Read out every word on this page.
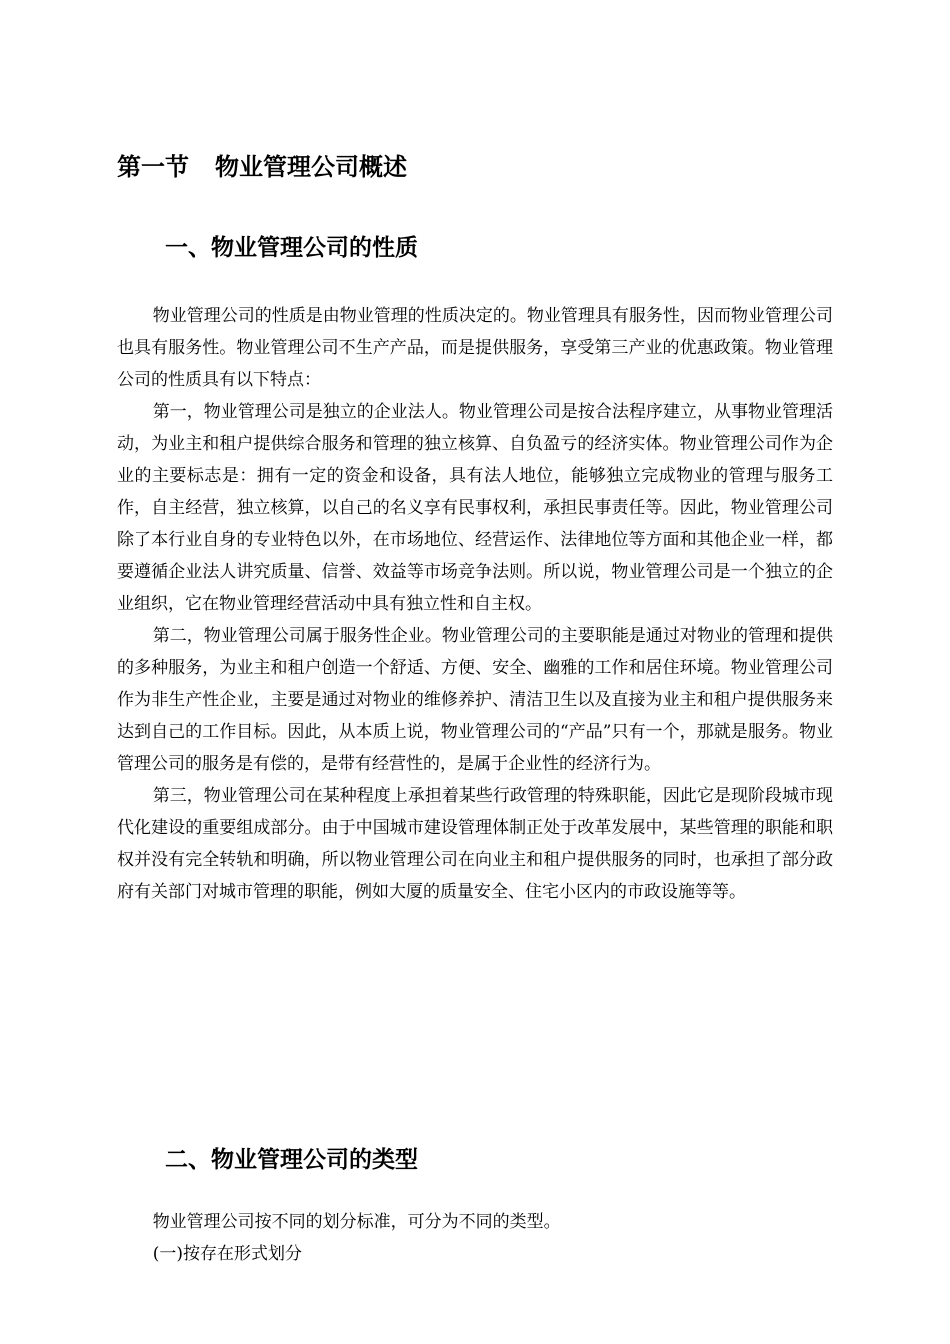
第一节 物业管理公司概述
一、物业管理公司的性质

物业管理公司的性质是由物业管理的性质决定的。物业管理具有服务性，因而物业管理公司也具有服务性。物业管理公司不生产产品，而是提供服务，享受第三产业的优惠政策。物业管理公司的性质具有以下特点：

第一，物业管理公司是独立的企业法人。物业管理公司是按合法程序建立，从事物业管理活动，为业主和租户提供综合服务和管理的独立核算、自负盈亏的经济实体。物业管理公司作为企业的主要标志是：拥有一定的资金和设备，具有法人地位，能够独立完成物业的管理与服务工作，自主经营，独立核算，以自己的名义享有民事权利，承担民事责任等。因此，物业管理公司除了本行业自身的专业特色以外，在市场地位、经营运作、法律地位等方面和其他企业一样，都要遵循企业法人讲究质量、信誉、效益等市场竞争法则。所以说，物业管理公司是一个独立的企业组织，它在物业管理经营活动中具有独立性和自主权。

第二，物业管理公司属于服务性企业。物业管理公司的主要职能是通过对物业的管理和提供的多种服务，为业主和租户创造一个舒适、方便、安全、幽雅的工作和居住环境。物业管理公司作为非生产性企业，主要是通过对物业的维修养护、清洁卫生以及直接为业主和租户提供服务来达到自己的工作目标。因此，从本质上说，物业管理公司的“产品”只有一个，那就是服务。物业管理公司的服务是有偿的，是带有经营性的，是属于企业性的经济行为。

第三，物业管理公司在某种程度上承担着某些行政管理的特殊职能，因此它是现阶段城市现代化建设的重要组成部分。由于中国城市建设管理体制正处于改革发展中，某些管理的职能和职权并没有完全转轨和明确，所以物业管理公司在向业主和租户提供服务的同时，也承担了部分政府有关部门对城市管理的职能，例如大厦的质量安全、住宅小区内的市政设施等等。

二、物业管理公司的类型

物业管理公司按不同的划分标准，可分为不同的类型。

(一)按存在形式划分
